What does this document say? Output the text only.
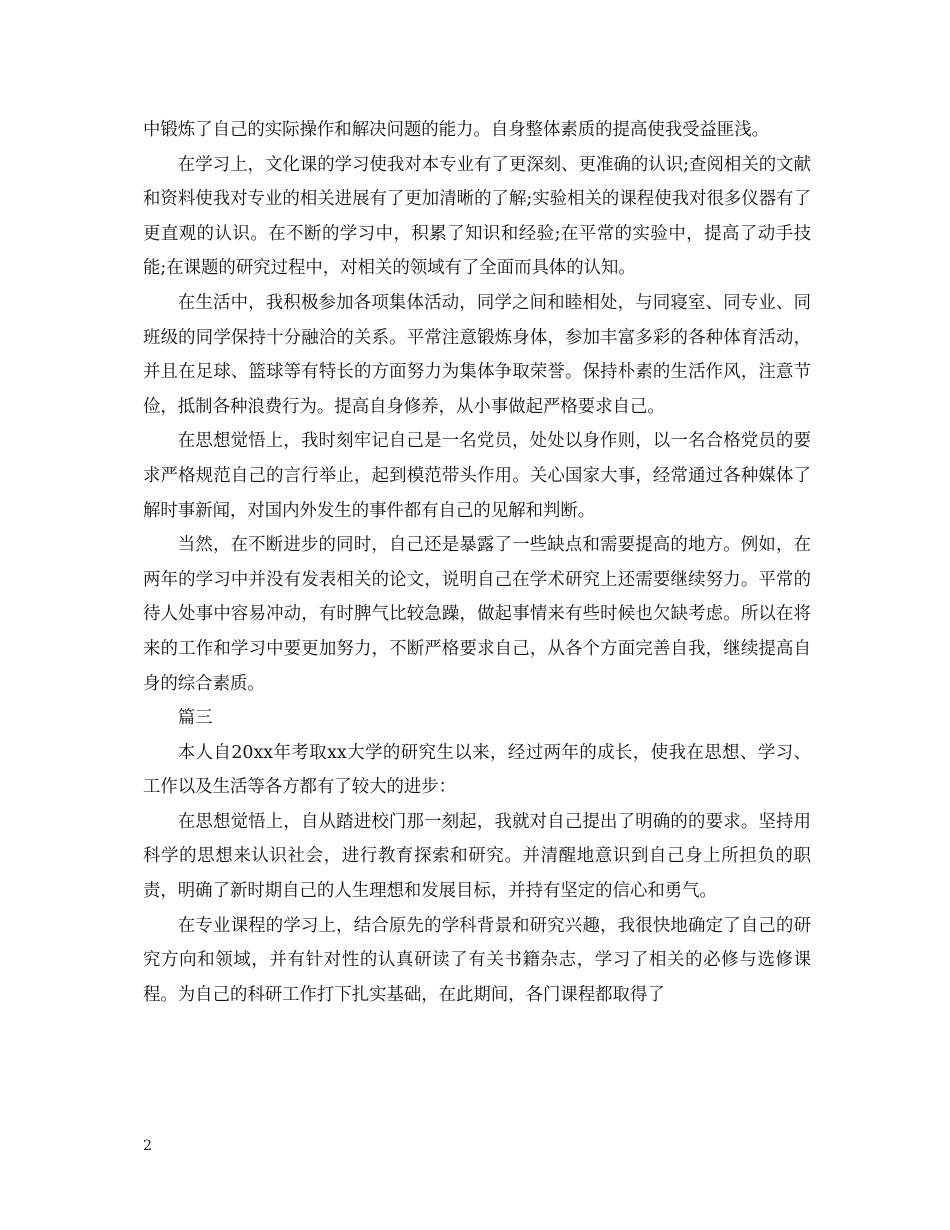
中锻炼了自己的实际操作和解决问题的能力。自身整体素质的提高使我受益匪浅。

在学习上，文化课的学习使我对本专业有了更深刻、更准确的认识;查阅相关的文献和资料使我对专业的相关进展有了更加清晰的了解;实验相关的课程使我对很多仪器有了更直观的认识。在不断的学习中，积累了知识和经验;在平常的实验中，提高了动手技能;在课题的研究过程中，对相关的领域有了全面而具体的认知。

在生活中，我积极参加各项集体活动，同学之间和睦相处，与同寝室、同专业、同班级的同学保持十分融洽的关系。平常注意锻炼身体，参加丰富多彩的各种体育活动，并且在足球、篮球等有特长的方面努力为集体争取荣誉。保持朴素的生活作风，注意节俭，抵制各种浪费行为。提高自身修养，从小事做起严格要求自己。

在思想觉悟上，我时刻牢记自己是一名党员，处处以身作则，以一名合格党员的要求严格规范自己的言行举止，起到模范带头作用。关心国家大事，经常通过各种媒体了解时事新闻，对国内外发生的事件都有自己的见解和判断。

当然，在不断进步的同时，自己还是暴露了一些缺点和需要提高的地方。例如，在两年的学习中并没有发表相关的论文，说明自己在学术研究上还需要继续努力。平常的待人处事中容易冲动，有时脾气比较急躁，做起事情来有些时候也欠缺考虑。所以在将来的工作和学习中要更加努力，不断严格要求自己，从各个方面完善自我，继续提高自身的综合素质。

篇三

本人自20xx年考取xx大学的研究生以来，经过两年的成长，使我在思想、学习、工作以及生活等各方都有了较大的进步：

在思想觉悟上，自从踏进校门那一刻起，我就对自己提出了明确的的要求。坚持用科学的思想来认识社会，进行教育探索和研究。并清醒地意识到自己身上所担负的职责，明确了新时期自己的人生理想和发展目标，并持有坚定的信心和勇气。

在专业课程的学习上，结合原先的学科背景和研究兴趣，我很快地确定了自己的研究方向和领域，并有针对性的认真研读了有关书籍杂志，学习了相关的必修与选修课程。为自己的科研工作打下扎实基础，在此期间，各门课程都取得了

2
